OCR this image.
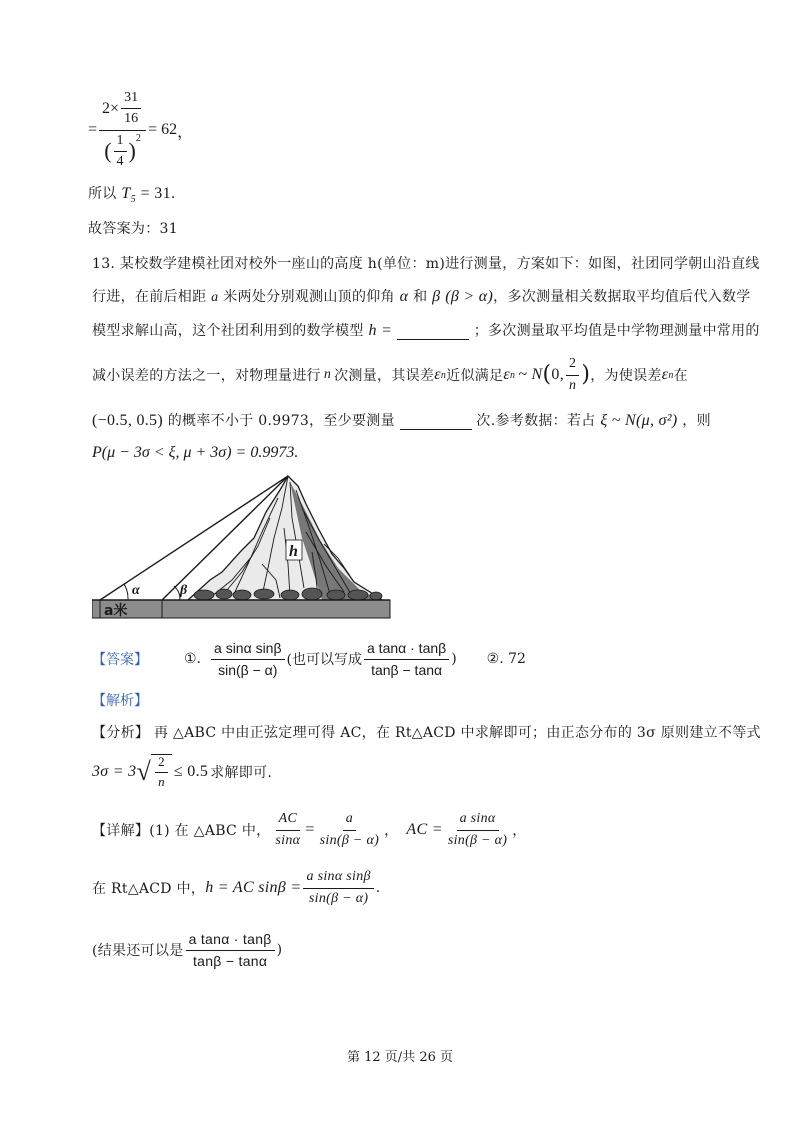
= $2\times \frac{31}{16}$
( $\frac{1}{4}$ )
$^2$ = 62 ，
所以 $T_5 = 31$.
故答案为：31
13. 某校数学建模社团对校外一座山的高度 h(单位：m)进行测量，方案如下：如图，社团同学朝山沿直线
行进，在前后相距 a 米两处分别观测山顶的仰角 α 和 β (β > α)，多次测量相关数据取平均值后代入数学
模型求解山高，这个社团利用到的数学模型 h =	；多次测量取平均值是中学物理测量中常用的
减小误差的方法之一，对物理量进行 n 次测量，其误差 ε n 近似满足 ε n ~ N ( 0, $\frac{2}{n}$ ) ，为使误差 ε n 在
(−0.5, 0.5) 的概率不小于 0.9973，至少要测量	次.参考数据：若占 ξ ~ N(μ, σ²) ，则
P(μ − 3σ < ξ, μ + 3σ) = 0.9973.
h
α	β
a米
【答案】	①. $\frac{\text{a sinα sinβ}}{\sin(\beta - \alpha)}$ (也可以写成 $\frac{\text{a tanα · tanβ}}{\tan\beta - \tan\alpha}$ ) ②. 72
【解析】
【分析】 再 △ABC 中由正弦定理可得 AC，在 Rt△ACD 中求解即可；由正态分布的 3σ 原则建立不等式
3σ = 3 √ $\frac{2}{n} \le 0.5$ 求解即可.
【详解】 (1) 在 △ABC 中， $\frac{AC}{\sin\alpha} = \frac{a}{\sin(\beta - \alpha)}$ ， AC = $\frac{\text{a sinα}}{\sin(\beta - \alpha)}$ ，
在 Rt△ACD 中， h = AC $\sin\beta = \frac{\text{a sinα sinβ}}{\sin(\beta - \alpha)}$ .
(结果还可以是 $\frac{\text{a tanα · tanβ}}{\tan\beta - \tan\alpha}$ )
第 12 页/共 26 页
